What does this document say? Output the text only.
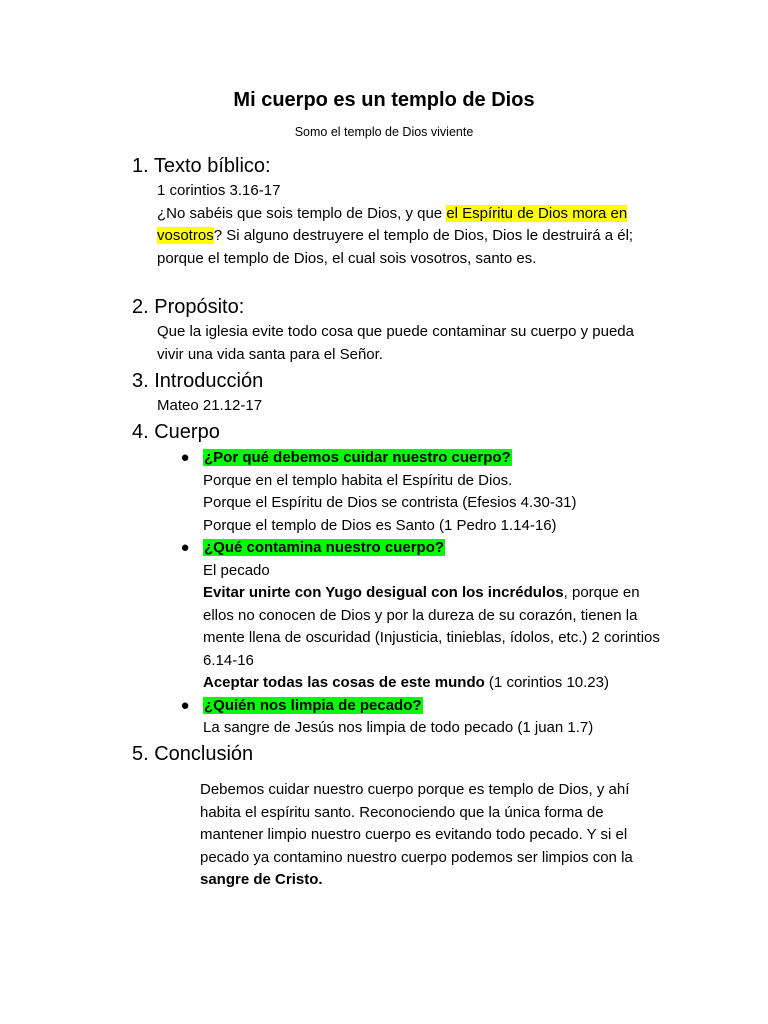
Mi cuerpo es un templo de Dios
Somo el templo de Dios viviente
1. Texto bíblico:
1 corintios 3.16-17
¿No sabéis que sois templo de Dios, y que el Espíritu de Dios mora en vosotros? Si alguno destruyere el templo de Dios, Dios le destruirá a él; porque el templo de Dios, el cual sois vosotros, santo es.
2. Propósito:
Que la iglesia evite todo cosa que puede contaminar su cuerpo y pueda vivir una vida santa para el Señor.
3. Introducción
Mateo 21.12-17
4. Cuerpo
● ¿Por qué debemos cuidar nuestro cuerpo?
Porque en el templo habita el Espíritu de Dios.
Porque el Espíritu de Dios se contrista (Efesios 4.30-31)
Porque el templo de Dios es Santo (1 Pedro 1.14-16)
● ¿Qué contamina nuestro cuerpo?
El pecado
Evitar unirte con Yugo desigual con los incrédulos, porque en ellos no conocen de Dios y por la dureza de su corazón, tienen la mente llena de oscuridad (Injusticia, tinieblas, ídolos, etc.) 2 corintios 6.14-16
Aceptar todas las cosas de este mundo (1 corintios 10.23)
● ¿Quién nos limpia de pecado?
La sangre de Jesús nos limpia de todo pecado (1 juan 1.7)
5. Conclusión
Debemos cuidar nuestro cuerpo porque es templo de Dios, y ahí habita el espíritu santo. Reconociendo que la única forma de mantener limpio nuestro cuerpo es evitando todo pecado. Y si el pecado ya contamino nuestro cuerpo podemos ser limpios con la sangre de Cristo.
